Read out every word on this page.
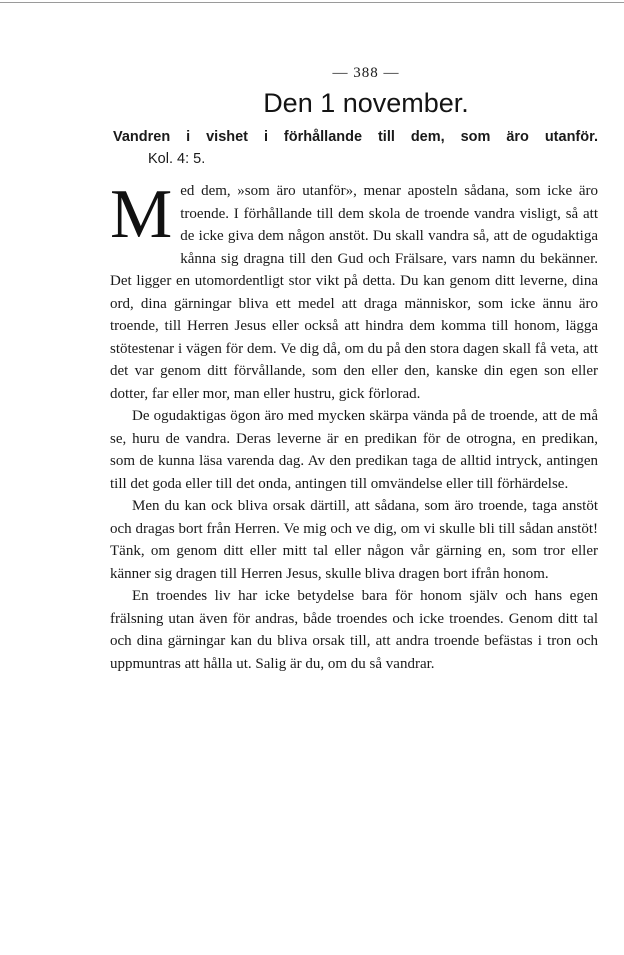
— 388 —
Den 1 november.
Vandren i vishet i förhållande till dem, som äro utanför.
Kol. 4: 5.

Med dem, »som äro utanför», menar aposteln sådana, som icke äro troende. I förhållande till dem skola de troende vandra visligt, så att de icke giva dem någon anstöt. Du skall vandra så, att de ogudaktiga kånna sig dragna till den Gud och Frälsare, vars namn du bekänner. Det ligger en utomordentligt stor vikt på detta. Du kan genom ditt leverne, dina ord, dina gärningar bliva ett medel att draga människor, som icke ännu äro troende, till Herren Jesus eller också att hindra dem komma till honom, lägga stötestenar i vägen för dem. Ve dig då, om du på den stora dagen skall få veta, att det var genom ditt förvållande, som den eller den, kanske din egen son eller dotter, far eller mor, man eller hustru, gick förlorad.

De ogudaktigas ögon äro med mycken skärpa vända på de troende, att de må se, huru de vandra. Deras leverne är en predikan för de otrogna, en predikan, som de kunna läsa varenda dag. Av den predikan taga de alltid intryck, antingen till det goda eller till det onda, antingen till omvändelse eller till förhärdelse.

Men du kan ock bliva orsak därtill, att sådana, som äro troende, taga anstöt och dragas bort från Herren. Ve mig och ve dig, om vi skulle bli till sådan anstöt! Tänk, om genom ditt eller mitt tal eller någon vår gärning en, som tror eller känner sig dragen till Herren Jesus, skulle bliva dragen bort ifrån honom.

En troendes liv har icke betydelse bara för honom själv och hans egen frälsning utan även för andras, både troendes och icke troendes. Genom ditt tal och dina gärningar kan du bliva orsak till, att andra troende befästas i tron och uppmuntras att hålla ut. Salig är du, om du så vandrar.
